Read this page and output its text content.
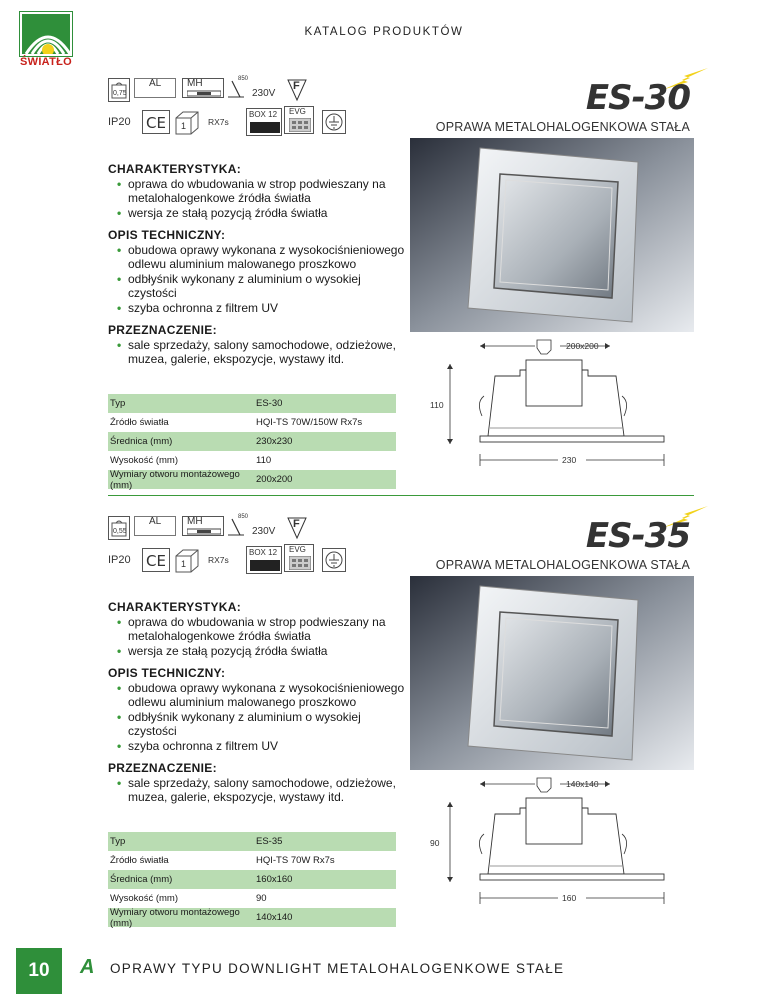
ŚWIATŁO
KATALOG PRODUKTÓW
0,75
AL	MH	850
230V
F
IP20 CE 1	RX7s
BOX 12 EVG	ES-30
OPRAWA METALOHALOGENKOWA STAŁA
CHARAKTERYSTYKA:
• oprawa do wbudowania w strop podwieszany na metalohalogenkowe źródła światła
• wersja ze stałą pozycją źródła światła
OPIS TECHNICZNY:
• obudowa oprawy wykonana z wysokociśnieniowego odlewu aluminium malowanego proszkowo
• odbłyśnik wykonany z aluminium o wysokiej czystości
• szyba ochronna z filtrem UV
PRZEZNACZENIE:
• sale sprzedaży, salony samochodowe, odzieżowe, muzea, galerie, ekspozycje, wystawy itd.
Typ	ES-30
Źródło światła	HQI-TS 70W/150W Rx7s
Średnica (mm)	230x230
Wysokość (mm)	110
Wymiary otworu montażowego (mm)	200x200
200x200
110
230
0,55
AL	MH	850
230V
F
IP20 CE 1	RX7s
BOX 12 EVG	ES-35
OPRAWA METALOHALOGENKOWA STAŁA
CHARAKTERYSTYKA:
• oprawa do wbudowania w strop podwieszany na metalohalogenkowe źródła światła
• wersja ze stałą pozycją źródła światła
OPIS TECHNICZNY:
• obudowa oprawy wykonana z wysokociśnieniowego odlewu aluminium malowanego proszkowo
• odbłyśnik wykonany z aluminium o wysokiej czystości
• szyba ochronna z filtrem UV
PRZEZNACZENIE:
• sale sprzedaży, salony samochodowe, odzieżowe, muzea, galerie, ekspozycje, wystawy itd.
Typ	ES-35
Źródło światła	HQI-TS 70W Rx7s
Średnica (mm)	160x160
Wysokość (mm)	90
Wymiary otworu montażowego (mm)	140x140
140x140
90
160
10	A OPRAWY TYPU DOWNLIGHT METALOHALOGENKOWE STAŁE
